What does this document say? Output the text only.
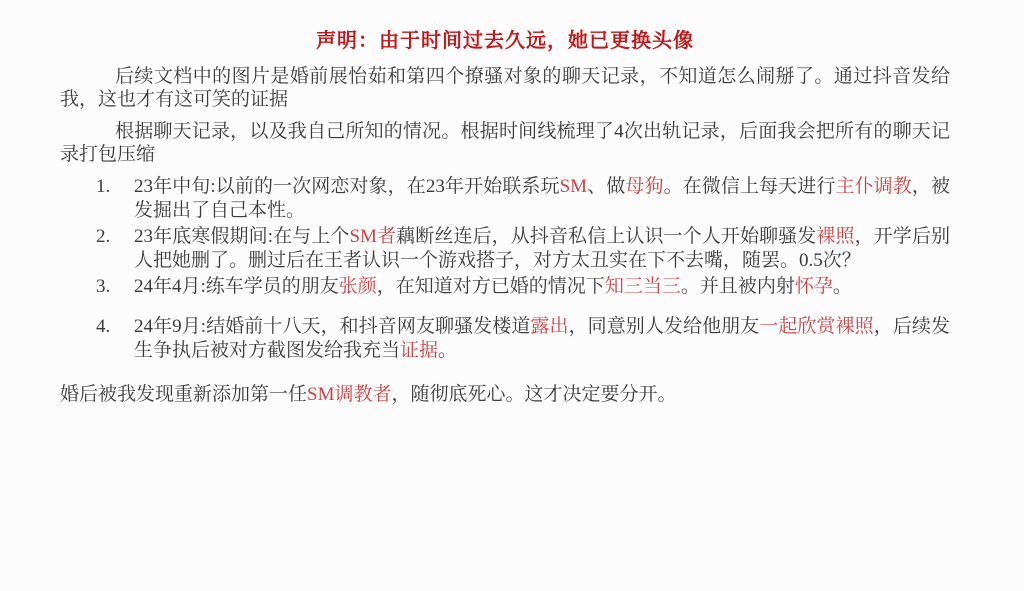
声明：由于时间过去久远，她已更换头像

后续文档中的图片是婚前展怡茹和第四个撩骚对象的聊天记录，不知道怎么闹掰了。通过抖音发给我，这也才有这可笑的证据

根据聊天记录，以及我自己所知的情况。根据时间线梳理了4次出轨记录，后面我会把所有的聊天记录打包压缩

1.	23年中旬:以前的一次网恋对象，在23年开始联系玩SM、做母狗。在微信上每天进行主仆调教，被发掘出了自己本性。
2.	23年底寒假期间:在与上个SM者藕断丝连后，从抖音私信上认识一个人开始聊骚发裸照，开学后别人把她删了。删过后在王者认识一个游戏搭子，对方太丑实在下不去嘴，随罢。0.5次？
3.	24年4月:练车学员的朋友张颜，在知道对方已婚的情况下知三当三。并且被内射怀孕。
4.	24年9月:结婚前十八天，和抖音网友聊骚发楼道露出，同意别人发给他朋友一起欣赏裸照，后续发生争执后被对方截图发给我充当证据。

婚后被我发现重新添加第一任SM调教者，随彻底死心。这才决定要分开。
